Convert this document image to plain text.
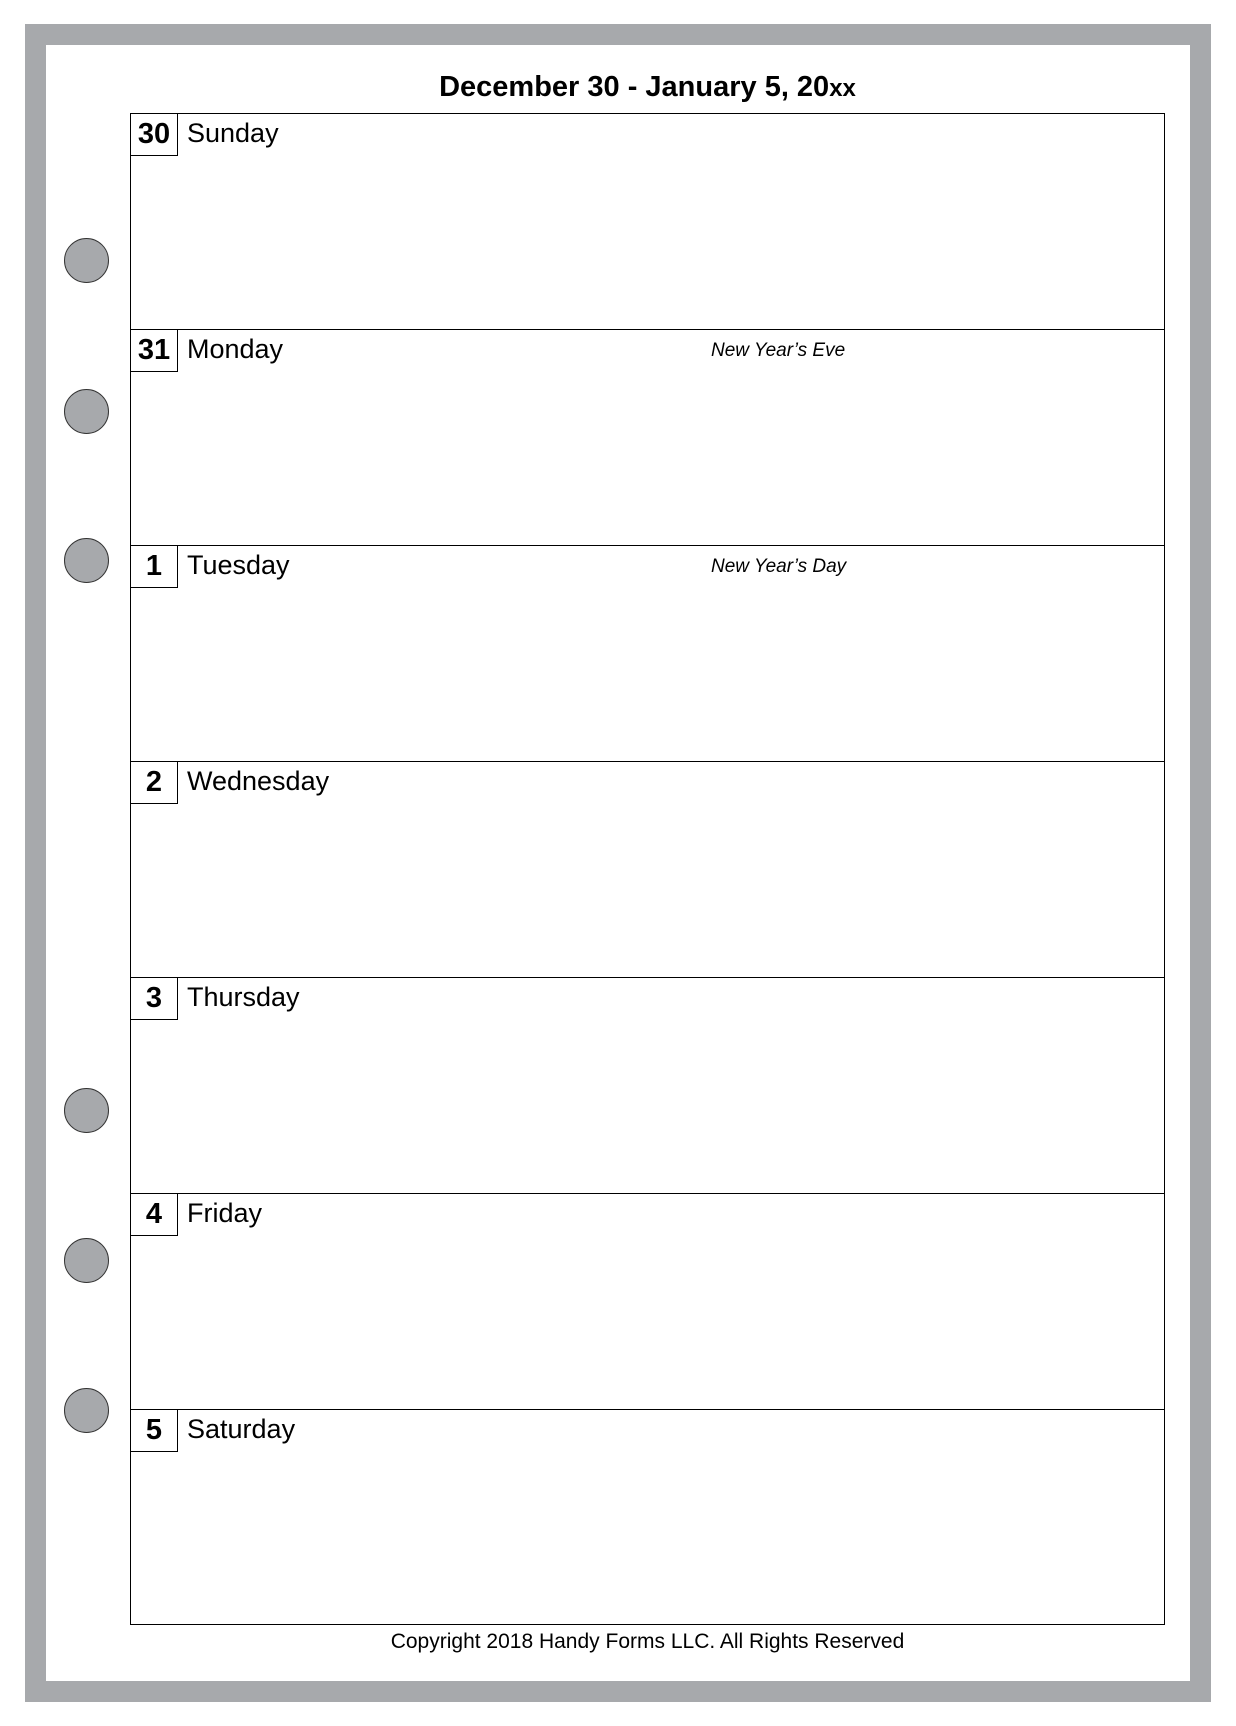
December 30 - January 5, 20xx
30 Sunday
31 Monday	New Year’s Eve
1 Tuesday	New Year’s Day
2 Wednesday
3 Thursday
4 Friday
5 Saturday
Copyright 2018 Handy Forms LLC. All Rights Reserved
